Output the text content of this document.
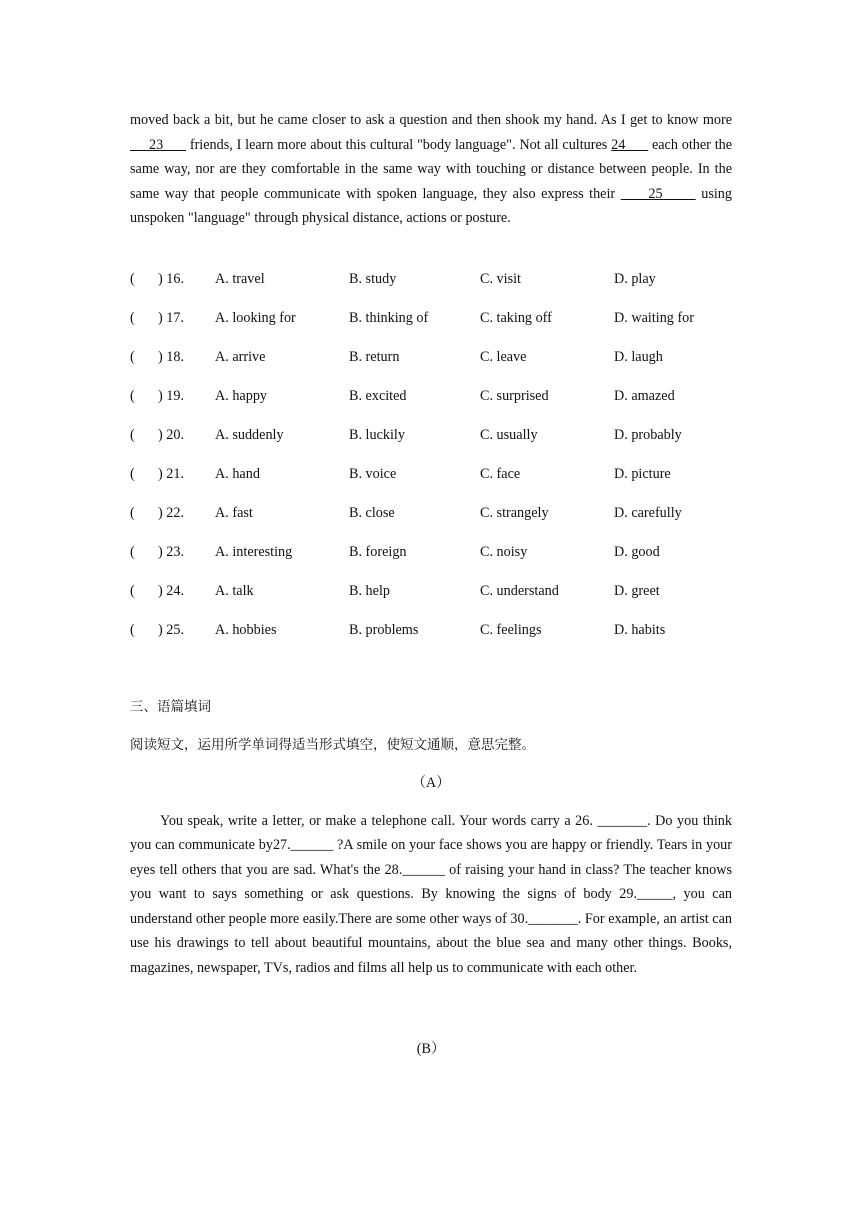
moved back a bit, but he came closer to ask a question and then shook my hand. As I get to know more      23       friends, I learn more about this cultural "body language". Not all cultures 24       each other the same way, nor are they comfortable in the same way with touching or distance between people. In the same way that people communicate with spoken language, they also express their      25       using unspoken "language" through physical distance, actions or posture.

( ) 16. A. travel	B. study	C. visit	D. play
( ) 17. A. looking for	B. thinking of	C. taking off	D. waiting for
( ) 18. A. arrive	B. return	C. leave	D. laugh
( ) 19. A. happy	B. excited	C. surprised	D. amazed
( ) 20. A. suddenly	B. luckily	C. usually	D. probably
( ) 21. A. hand	B. voice	C. face	D. picture
( ) 22. A. fast	B. close	C. strangely	D. carefully
( ) 23. A. interesting	B. foreign	C. noisy	D. good
( ) 24. A. talk	B. help	C. understand	D. greet
( ) 25. A. hobbies	B. problems	C. feelings	D. habits
三、语篇填词
阅读短文，运用所学单词得适当形式填空，使短文通顺，意思完整。
（A）

You speak, write a letter, or make a telephone call. Your words carry a 26. _______. Do you think you can communicate by27.______ ?A smile on your face shows you are happy or friendly. Tears in your eyes tell others that you are sad. What's the 28.______ of raising your hand in class? The teacher knows you want to says something or ask questions. By knowing the signs of body 29._____, you can understand other people more easily.There are some other ways of 30._______. For example, an artist can use his drawings to tell about beautiful mountains, about the blue sea and many other things. Books, magazines, newspaper, TVs, radios and films all help us to communicate with each other.

(B）
